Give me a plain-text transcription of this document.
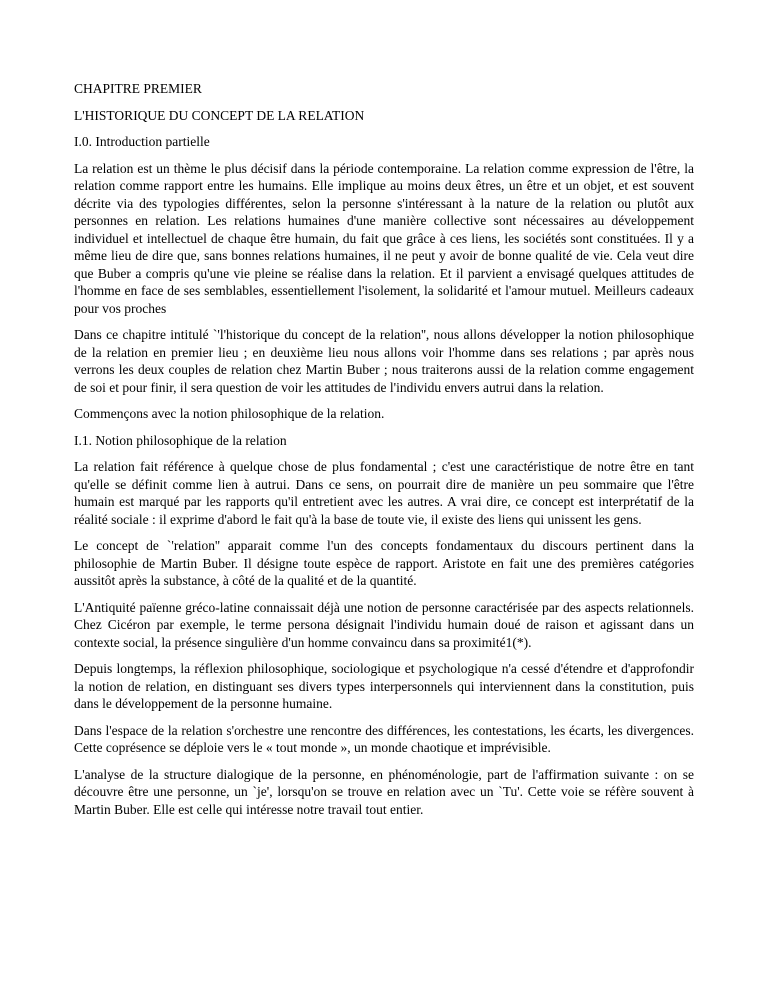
CHAPITRE PREMIER

L'HISTORIQUE DU CONCEPT DE LA RELATION

I.0. Introduction partielle

La relation est un thème le plus décisif dans la période contemporaine. La relation comme expression de l'être, la relation comme rapport entre les humains. Elle implique au moins deux êtres, un être et un objet, et est souvent décrite via des typologies différentes, selon la personne s'intéressant à la nature de la relation ou plutôt aux personnes en relation. Les relations humaines d'une manière collective sont nécessaires au développement individuel et intellectuel de chaque être humain, du fait que grâce à ces liens, les sociétés sont constituées. Il y a même lieu de dire que, sans bonnes relations humaines, il ne peut y avoir de bonne qualité de vie. Cela veut dire que Buber a compris qu'une vie pleine se réalise dans la relation. Et il parvient a envisagé quelques attitudes de l'homme en face de ses semblables, essentiellement l'isolement, la solidarité et l'amour mutuel. Meilleurs cadeaux pour vos proches

Dans ce chapitre intitulé `'l'historique du concept de la relation'', nous allons développer la notion philosophique de la relation en premier lieu ; en deuxième lieu nous allons voir l'homme dans ses relations ; par après nous verrons les deux couples de relation chez Martin Buber ; nous traiterons aussi de la relation comme engagement de soi et pour finir, il sera question de voir les attitudes de l'individu envers autrui dans la relation.

Commençons avec la notion philosophique de la relation.

I.1. Notion philosophique de la relation

La relation fait référence à quelque chose de plus fondamental ; c'est une caractéristique de notre être en tant qu'elle se définit comme lien à autrui. Dans ce sens, on pourrait dire de manière un peu sommaire que l'être humain est marqué par les rapports qu'il entretient avec les autres. A vrai dire, ce concept est interprétatif de la réalité sociale : il exprime d'abord le fait qu'à la base de toute vie, il existe des liens qui unissent les gens.

Le concept de `'relation'' apparait comme l'un des concepts fondamentaux du discours pertinent dans la philosophie de Martin Buber. Il désigne toute espèce de rapport. Aristote en fait une des premières catégories aussitôt après la substance, à côté de la qualité et de la quantité.

L'Antiquité païenne gréco-latine connaissait déjà une notion de personne caractérisée par des aspects relationnels. Chez Cicéron par exemple, le terme persona désignait l'individu humain doué de raison et agissant dans un contexte social, la présence singulière d'un homme convaincu dans sa proximité1(*).

Depuis longtemps, la réflexion philosophique, sociologique et psychologique n'a cessé d'étendre et d'approfondir la notion de relation, en distinguant ses divers types interpersonnels qui interviennent dans la constitution, puis dans le développement de la personne humaine.

Dans l'espace de la relation s'orchestre une rencontre des différences, les contestations, les écarts, les divergences. Cette coprésence se déploie vers le « tout monde », un monde chaotique et imprévisible.

L'analyse de la structure dialogique de la personne, en phénoménologie, part de l'affirmation suivante : on se découvre être une personne, un `je', lorsqu'on se trouve en relation avec un `Tu'. Cette voie se réfère souvent à Martin Buber. Elle est celle qui intéresse notre travail tout entier.
